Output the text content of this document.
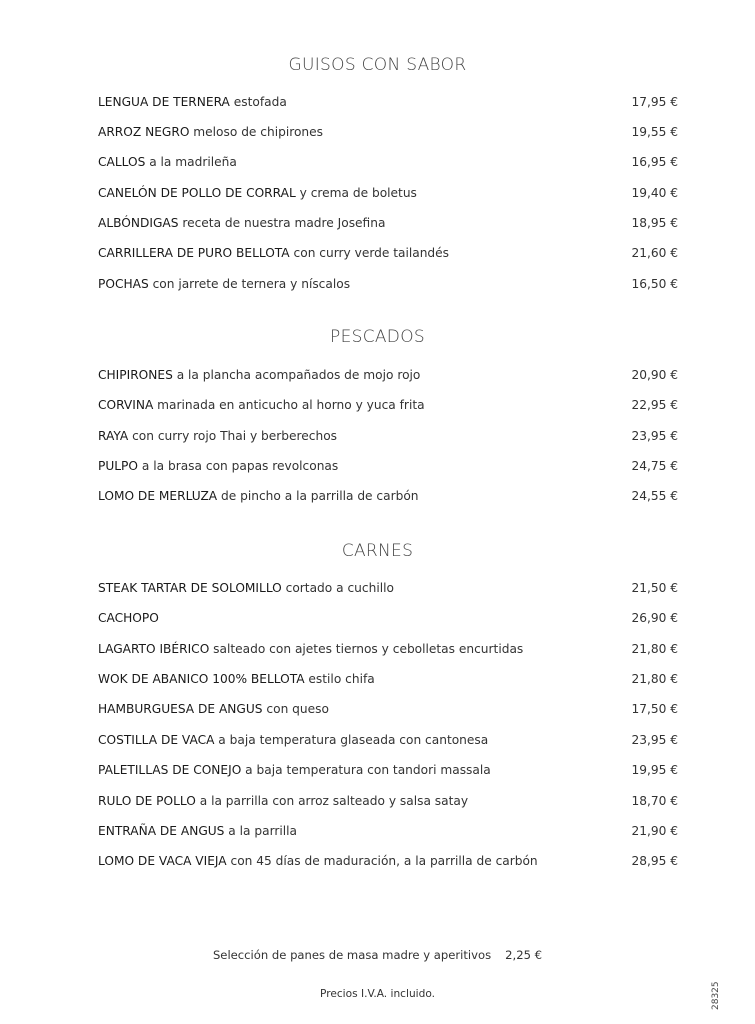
GUISOS CON SABOR
LENGUA DE TERNERA estofada	17,95 €
ARROZ NEGRO meloso de chipirones	19,55 €
CALLOS a la madrileña	16,95 €
CANELÓN DE POLLO DE CORRAL y crema de boletus	19,40 €
ALBÓNDIGAS receta de nuestra madre Josefina	18,95 €
CARRILLERA DE PURO BELLOTA con curry verde tailandés	21,60 €
POCHAS con jarrete de ternera y níscalos	16,50 €
PESCADOS
CHIPIRONES a la plancha acompañados de mojo rojo	20,90 €
CORVINA marinada en anticucho al horno y yuca frita	22,95 €
RAYA con curry rojo Thai y berberechos	23,95 €
PULPO a la brasa con papas revolconas	24,75 €
LOMO DE MERLUZA de pincho a la parrilla de carbón	24,55 €
CARNES
STEAK TARTAR DE SOLOMILLO cortado a cuchillo	21,50 €
CACHOPO	26,90 €
LAGARTO IBÉRICO salteado con ajetes tiernos y cebolletas encurtidas	21,80 €
WOK DE ABANICO 100% BELLOTA estilo chifa	21,80 €
HAMBURGUESA DE ANGUS con queso	17,50 €
COSTILLA DE VACA a baja temperatura glaseada con cantonesa	23,95 €
PALETILLAS DE CONEJO a baja temperatura con tandori massala	19,95 €
RULO DE POLLO a la parrilla con arroz salteado y salsa satay	18,70 €
ENTRAÑA DE ANGUS a la parrilla	21,90 €
LOMO DE VACA VIEJA con 45 días de maduración, a la parrilla de carbón	28,95 €
Selección de panes de masa madre y aperitivos 2,25 €
Precios I.V.A. incluido.	28325
